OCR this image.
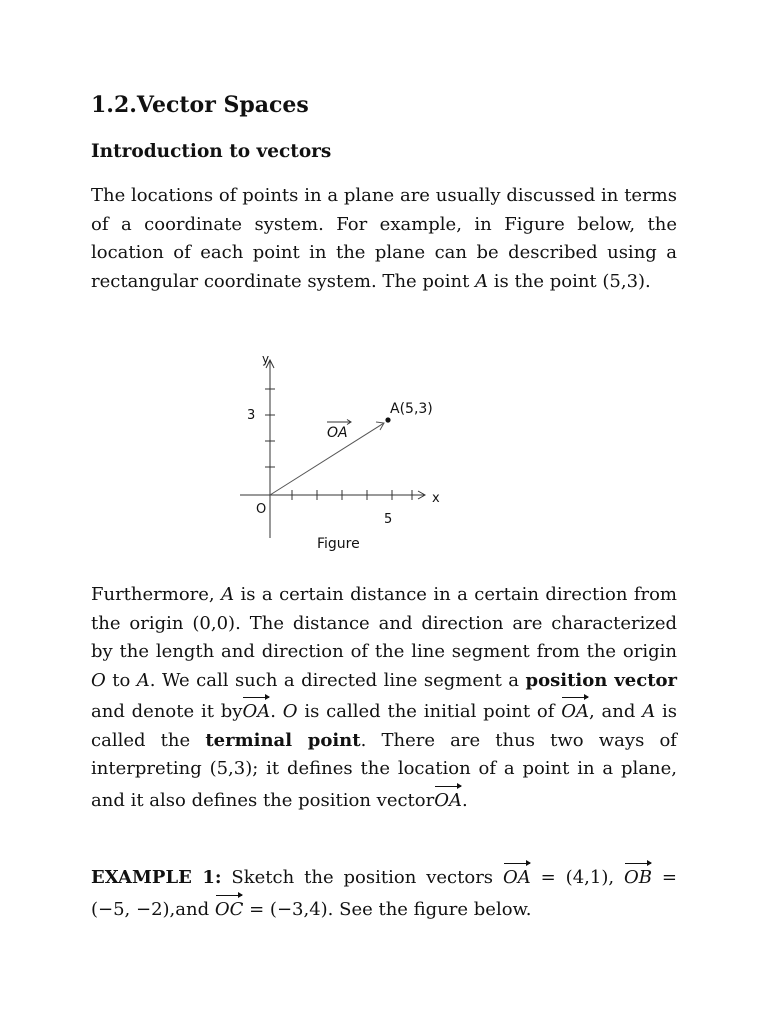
1.2.Vector Spaces
Introduction to vectors

The locations of points in a plane are usually discussed in terms of a coordinate system. For example, in Figure below, the location of each point in the plane can be described using a rectangular coordinate system. The point A is the point (5,3).

y
x
3
5
O
A(5,3)
OA
Figure

Furthermore, A is a certain distance in a certain direction from the origin (0,0). The distance and direction are characterized by the length and direction of the line segment from the origin O to A. We call such a directed line segment a position vector and denote it byOA. O is called the initial point of OA, and A is called the terminal point. There are thus two ways of interpreting (5,3); it defines the location of a point in a plane, and it also defines the position vectorOA.

EXAMPLE 1: Sketch the position vectors OA = (4,1), OB = (−5, −2),and OC = (−3,4). See the figure below.
